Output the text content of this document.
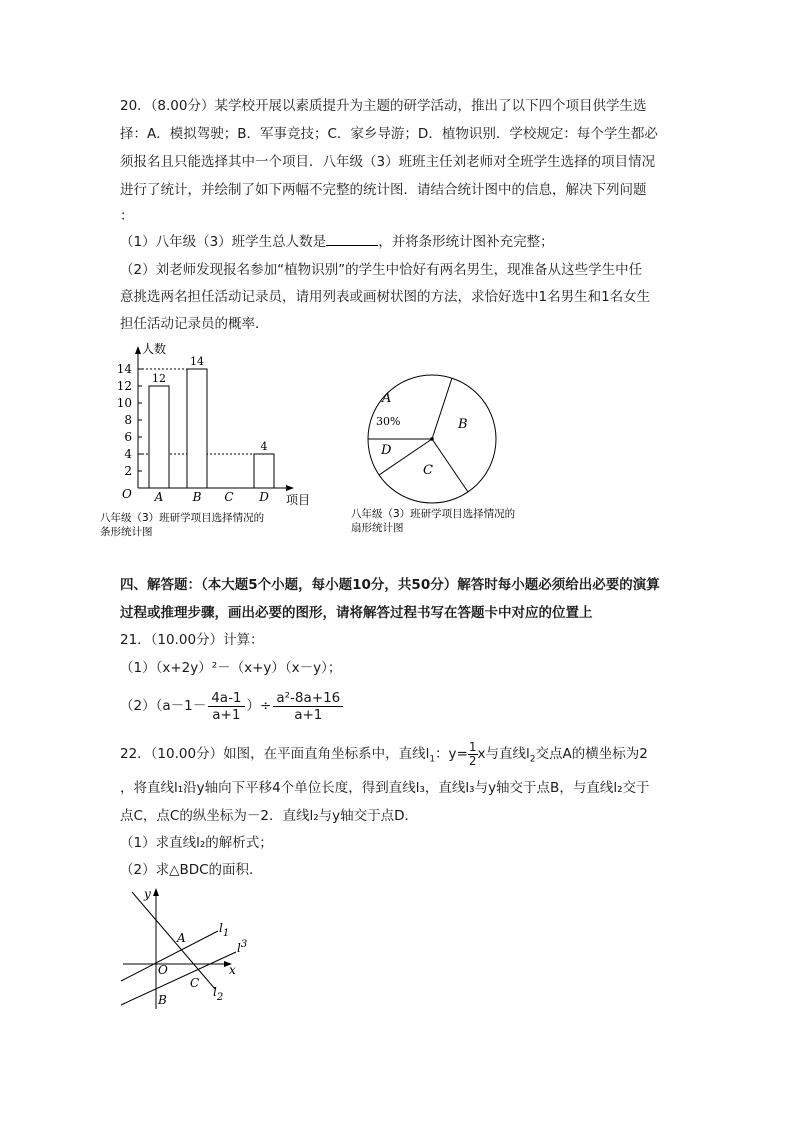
20．（8.00分）某学校开展以素质提升为主题的研学活动，推出了以下四个项目供学生选
择：A．模拟驾驶；B．军事竞技；C．家乡导游；D．植物识别．学校规定：每个学生都必
须报名且只能选择其中一个项目．八年级（3）班班主任刘老师对全班学生选择的项目情况
进行了统计，并绘制了如下两幅不完整的统计图．请结合统计图中的信息，解决下列问题
：
（1）八年级（3）班学生总人数是	，并将条形统计图补充完整；
（2）刘老师发现报名参加“植物识别”的学生中恰好有两名男生，现准备从这些学生中任
意挑选两名担任活动记录员，请用列表或画树状图的方法，求恰好选中1名男生和1名女生
担任活动记录员的概率．
人数
项目
O
2
4
6
8
10
12
14
12
14
4
A B C D
八年级（3）班研学项目选择情况的
条形统计图
A
30%	B
C
D
八年级（3）班研学项目选择情况的
扇形统计图
四、解答题：（本大题5个小题，每小题10分，共50分）解答时每小题必须给出必要的演算
过程或推理步骤，画出必要的图形，请将解答过程书写在答题卡中对应的位置上
21．（10.00分）计算：
（1）（x+2y）²－（x+y）（x－y）；
$(2)(a-1- \frac{4a-1}{a+1}$ ）÷ $\frac{\text{a²-8a+16}}{a+1}$
22．（10.00分）如图，在平面直角坐标系中，直线$l_1$：$y= \frac{1}{2}$ x与直线$l_2$交点A的横坐标为2
，将直线l₁沿y轴向下平移4个单位长度，得到直线l₃，直线l₃与y轴交于点B，与直线l₂交于
点C，点C的纵坐标为－2．直线l₂与y轴交于点D．
（1）求直线l₂的解析式；
（2）求△BDC的面积．
y
x
O
A
B
C
$l_1$
$l^3$
$l_2$
